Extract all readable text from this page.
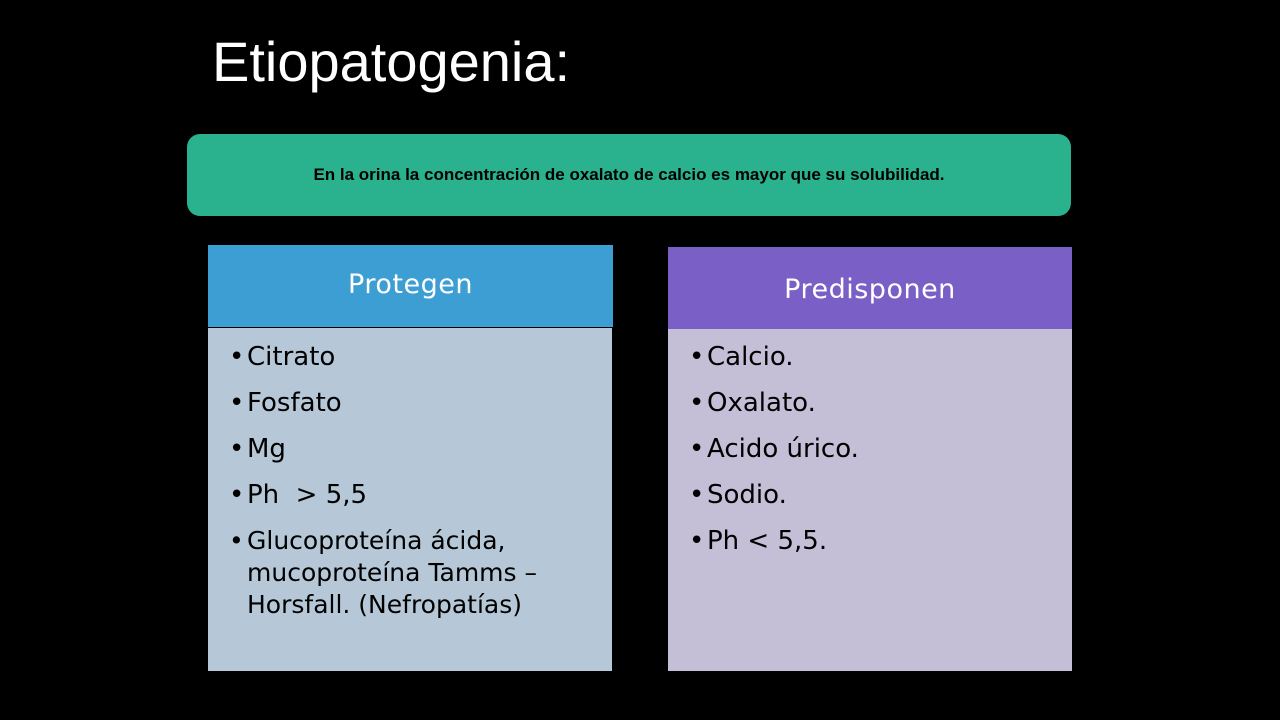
Etiopatogenia:
En la orina la concentración de oxalato de calcio es mayor que su solubilidad.
Protegen
• Citrato
• Fosfato
• Mg
• Ph  > 5,5
• Glucoproteína ácida, mucoproteína Tamms – Horsfall. (Nefropatías)
Predisponen
• Calcio.
• Oxalato.
• Acido úrico.
• Sodio.
• Ph < 5,5.
